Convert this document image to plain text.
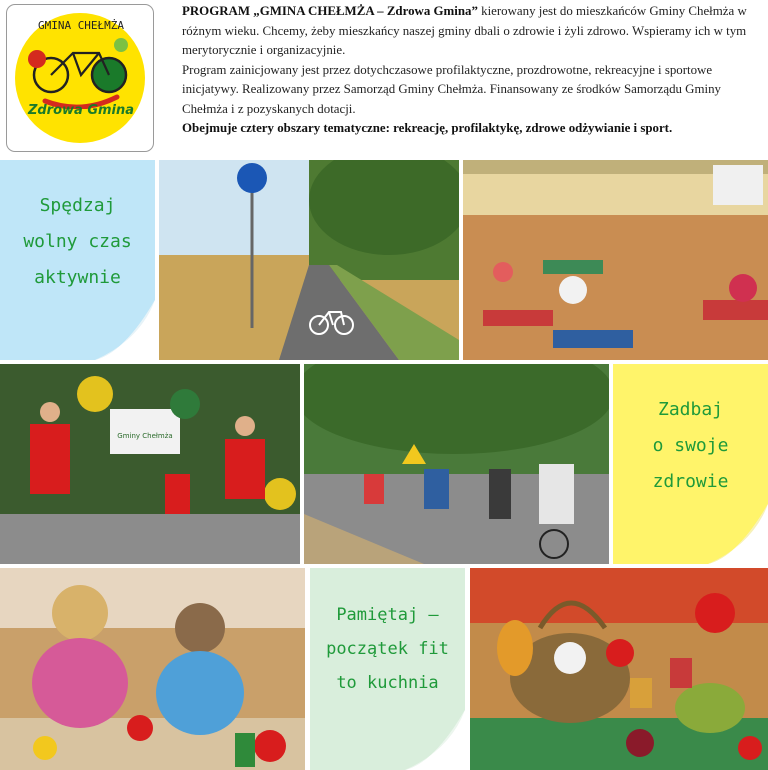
GMINA CHEŁMŻA
Zdrowa Gmina
PROGRAM „GMINA CHEŁMŻA – Zdrowa Gmina” kierowany jest do mieszkańców Gminy Chełmża w różnym wieku. Chcemy, żeby mieszkańcy naszej gminy dbali o zdrowie i żyli zdrowo. Wspieramy ich w tym merytorycznie i organizacyjnie.
Program zainicjowany jest przez dotychczasowe profilaktyczne, prozdrowotne, rekreacyjne i sportowe inicjatywy. Realizowany przez Samorząd Gminy Chełmża. Finansowany ze środków Samorządu Gminy Chełmża i z pozyskanych dotacji.
Obejmuje cztery obszary tematyczne: rekreację, profilaktykę, zdrowe odżywianie i sport.
Spędzaj
wolny czas
aktywnie
Gminy Chełmża
Zadbaj
o swoje
zdrowie
Pamiętaj –
początek fit
to kuchnia
